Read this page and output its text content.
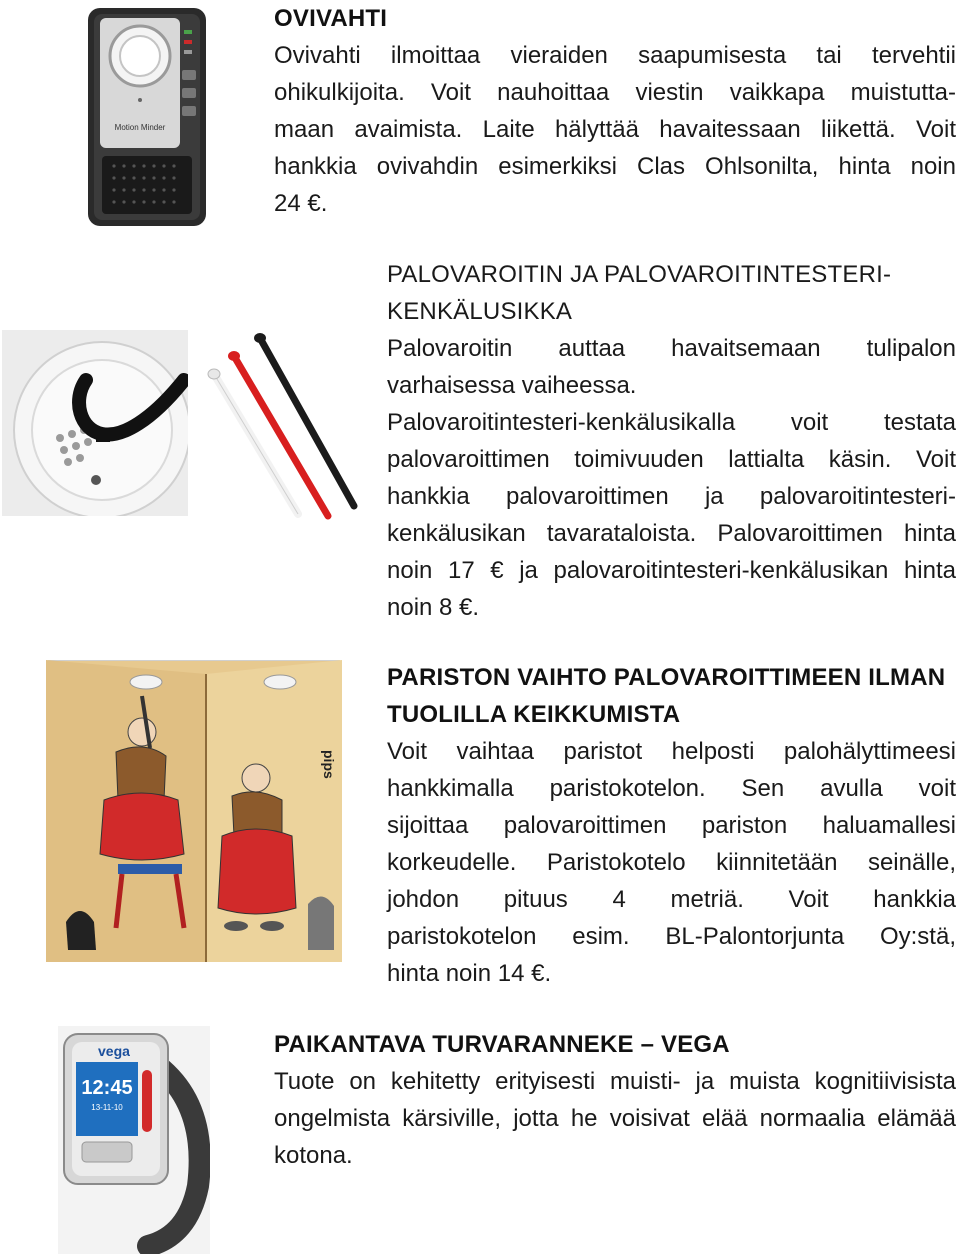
Motion Minder
OVIVAHTI

Ovivahti ilmoittaa vieraiden saapumisesta tai tervehtii
ohikulkijoita. Voit nauhoittaa viestin vaikkapa muistutta-
maan avaimista. Laite hälyttää havaitessaan liikettä. Voit
hankkia ovivahdin esimerkiksi Clas Ohlsonilta, hinta noin
24 €.

PALOVAROITIN JA PALOVAROITINTESTERI-
KENKÄLUSIKKA

Palovaroitin auttaa havaitsemaan tulipalon
varhaisessa vaiheessa.
Palovaroitintesteri-kenkälusikalla voit testata
palovaroittimen toimivuuden lattialta käsin. Voit
hankkia palovaroittimen ja palovaroitintesteri-
kenkälusikan tavarataloista. Palovaroittimen hinta
noin 17 € ja palovaroitintesteri-kenkälusikan hinta
noin 8 €.

pips
PARISTON VAIHTO PALOVAROITTIMEEN ILMAN
TUOLILLA KEIKKUMISTA

Voit vaihtaa paristot helposti palohälyttimeesi
hankkimalla paristokotelon. Sen avulla voit
sijoittaa palovaroittimen pariston haluamallesi
korkeudelle. Paristokotelo kiinnitetään seinälle,
johdon pituus 4 metriä. Voit hankkia
paristokotelon esim. BL-Palontorjunta Oy:stä,
hinta noin 14 €.

vega
12:45
13-11-10
PAIKANTAVA TURVARANNEKE – VEGA

Tuote on kehitetty erityisesti muisti- ja muista kognitiivisista
ongelmista kärsiville, jotta he voisivat elää normaalia elämää
kotona.
